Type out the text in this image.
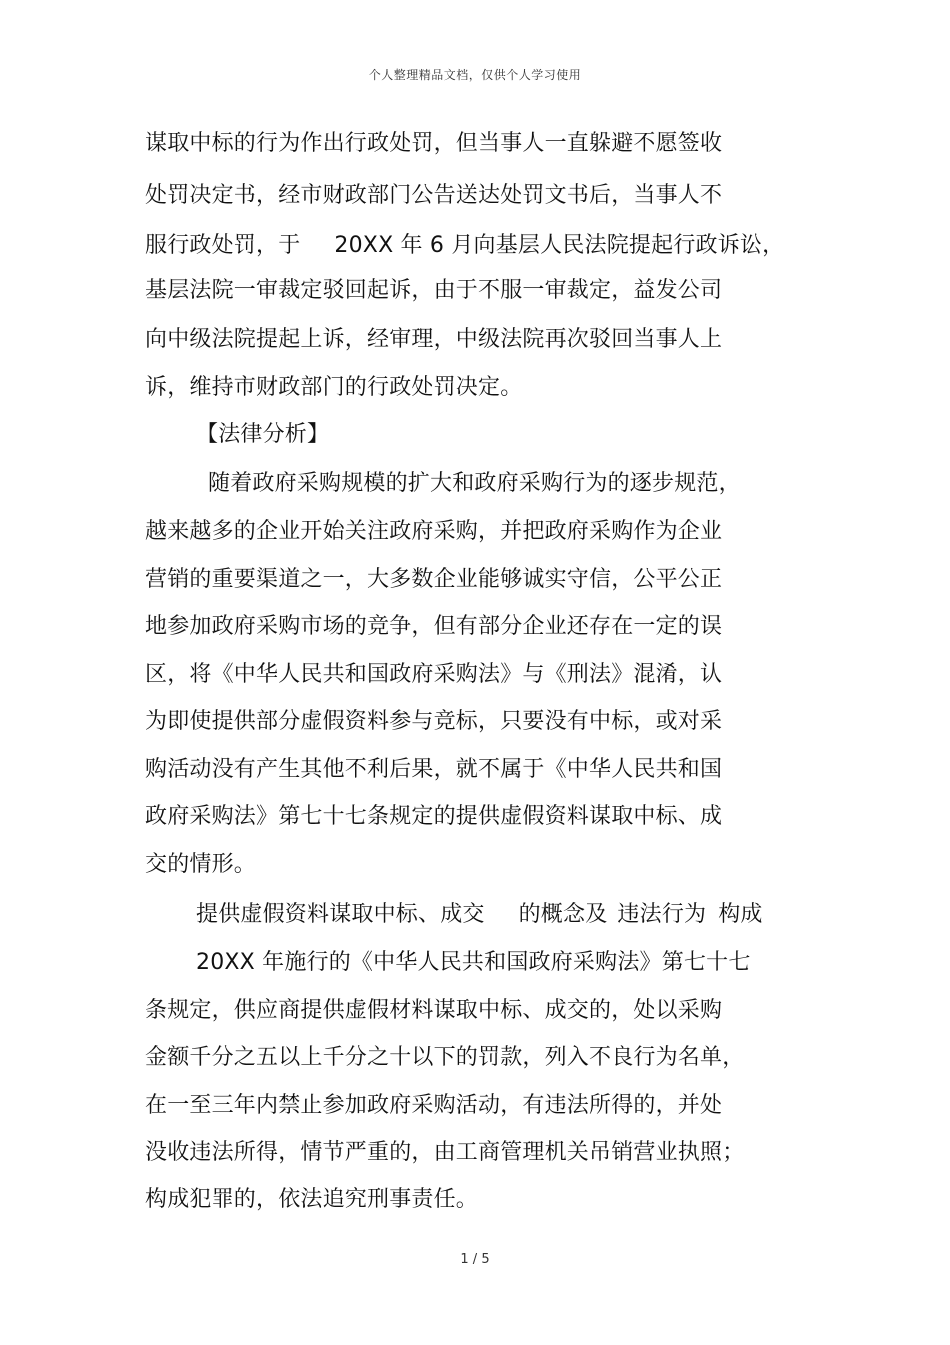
个人整理精品文档，仅供个人学习使用
谋取中标的行为作出行政处罚，但当事人一直躲避不愿签收
处罚决定书，经市财政部门公告送达处罚文书后，当事人不
服行政处罚，于 20XX 年 6 月向基层人民法院提起行政诉讼，
基层法院一审裁定驳回起诉，由于不服一审裁定，益发公司
向中级法院提起上诉，经审理，中级法院再次驳回当事人上
诉，维持市财政部门的行政处罚决定。
【法律分析】
随着政府采购规模的扩大和政府采购行为的逐步规范，
越来越多的企业开始关注政府采购，并把政府采购作为企业
营销的重要渠道之一，大多数企业能够诚实守信，公平公正
地参加政府采购市场的竞争，但有部分企业还存在一定的误
区，将《中华人民共和国政府采购法》与《刑法》混淆，认
为即使提供部分虚假资料参与竞标，只要没有中标，或对采
购活动没有产生其他不利后果，就不属于《中华人民共和国
政府采购法》第七十七条规定的提供虚假资料谋取中标、成
交的情形。
提供虚假资料谋取中标、成交 的概念及 违法行为 构成
20XX 年施行的《中华人民共和国政府采购法》第七十七
条规定，供应商提供虚假材料谋取中标、成交的，处以采购
金额千分之五以上千分之十以下的罚款，列入不良行为名单，
在一至三年内禁止参加政府采购活动，有违法所得的，并处
没收违法所得，情节严重的，由工商管理机关吊销营业执照；
构成犯罪的，依法追究刑事责任。
1 / 5
